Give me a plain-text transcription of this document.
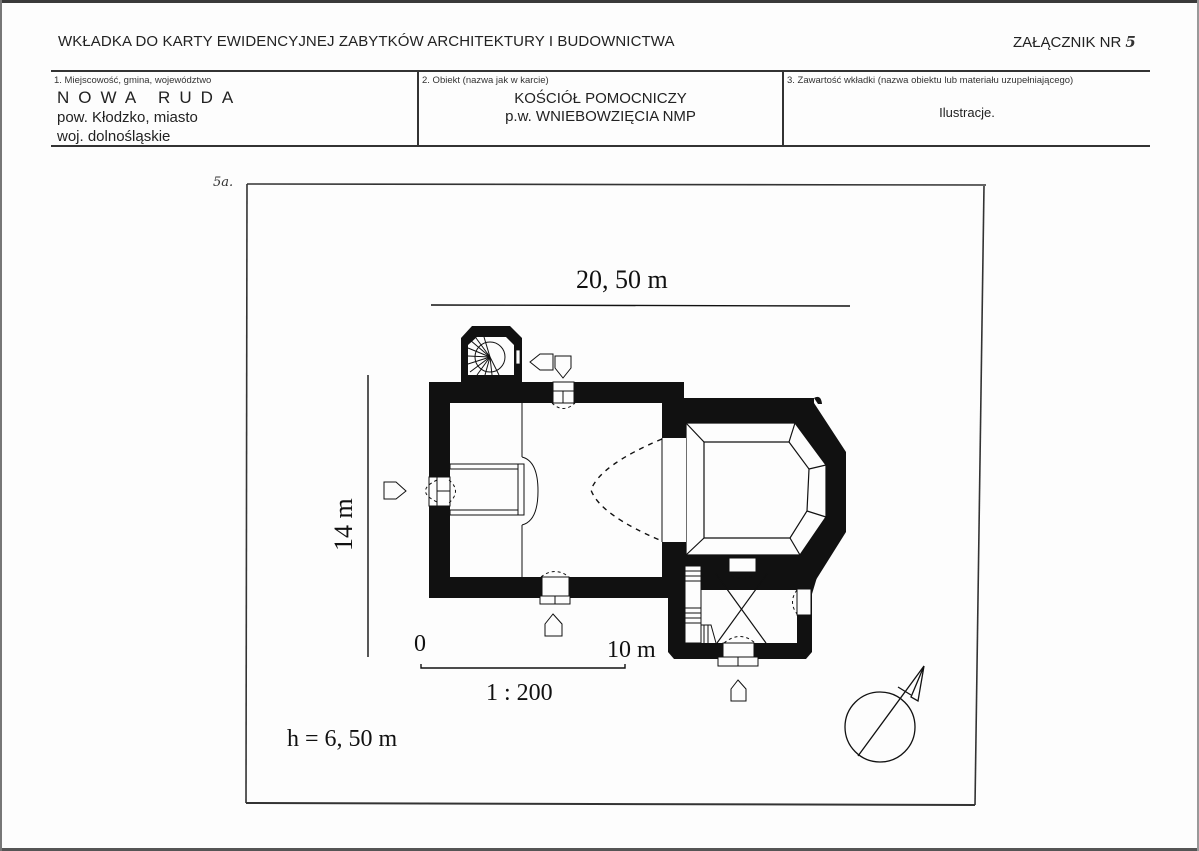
WKŁADKA DO KARTY EWIDENCYJNEJ ZABYTKÓW ARCHITEKTURY I BUDOWNICTWA	ZAŁĄCZNIK NR 5
1. Miejscowość, gmina, województwo
NOWA RUDA
pow. Kłodzko, miasto
woj. dolnośląskie
2. Obiekt (nazwa jak w karcie)
KOŚCIÓŁ POMOCNICZY
p.w. WNIEBOWZIĘCIA NMP
3. Zawartość wkładki (nazwa obiektu lub materiału uzupełniającego)
Ilustracje.
5a.
20, 50 m
14 m
0	10 m
1 : 200
h = 6, 50 m
